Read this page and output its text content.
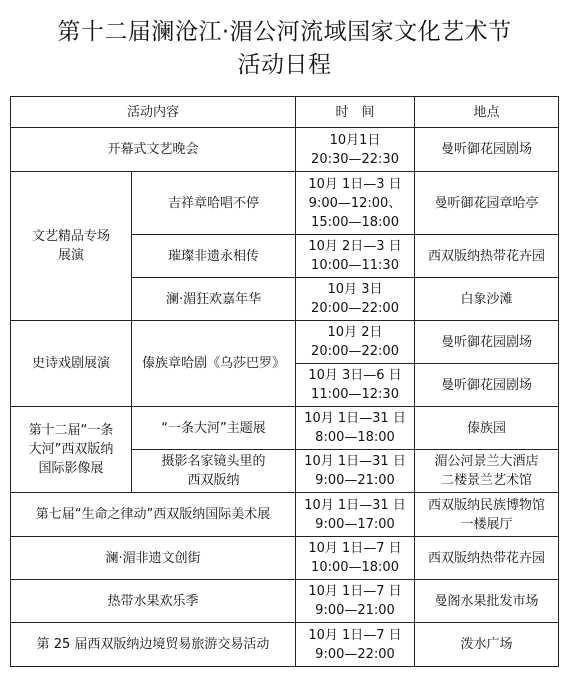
第十二届澜沧江·湄公河流域国家文化艺术节
活动日程
活动内容		时　间	地点
开幕式文艺晚会		10月1日
20:30—22:30	曼听御花园剧场

文艺精品专场
展演	吉祥章哈唱不停	10月 1日—3 日
9:00—12:00、
15:00—18:00	曼听御花园章哈亭
	璀璨非遗永相传	10月 2日—3 日
10:00—11:30	西双版纳热带花卉园
	澜·湄狂欢嘉年华	10月 3日
20:00—22:00	白象沙滩
史诗戏剧展演	傣族章哈剧《乌莎巴罗》	10月 2日
20:00—22:00	曼听御花园剧场

		10月 3日—6 日
11:00—12:30	曼听御花园剧场

第十二届“一条
大河”西双版纳
国际影像展	“一条大河”主题展	10月 1日—31 日
8:00—18:00	傣族园

	摄影名家镜头里的
西双版纳	10月 1日—31 日
9:00—21:00	湄公河景兰大酒店
二楼景兰艺术馆

第七届“生命之律动”西双版纳国际美术展		10月 1日—31 日
9:00—17:00	西双版纳民族博物馆
一楼展厅

澜·湄非遗文创街		10月 1日—7 日
10:00—18:00	西双版纳热带花卉园
热带水果欢乐季		10月 1日—7 日
9:00—21:00	曼阁水果批发市场
第 25 届西双版纳边境贸易旅游交易活动		10月 1日—7 日
9:00—22:00	泼水广场
